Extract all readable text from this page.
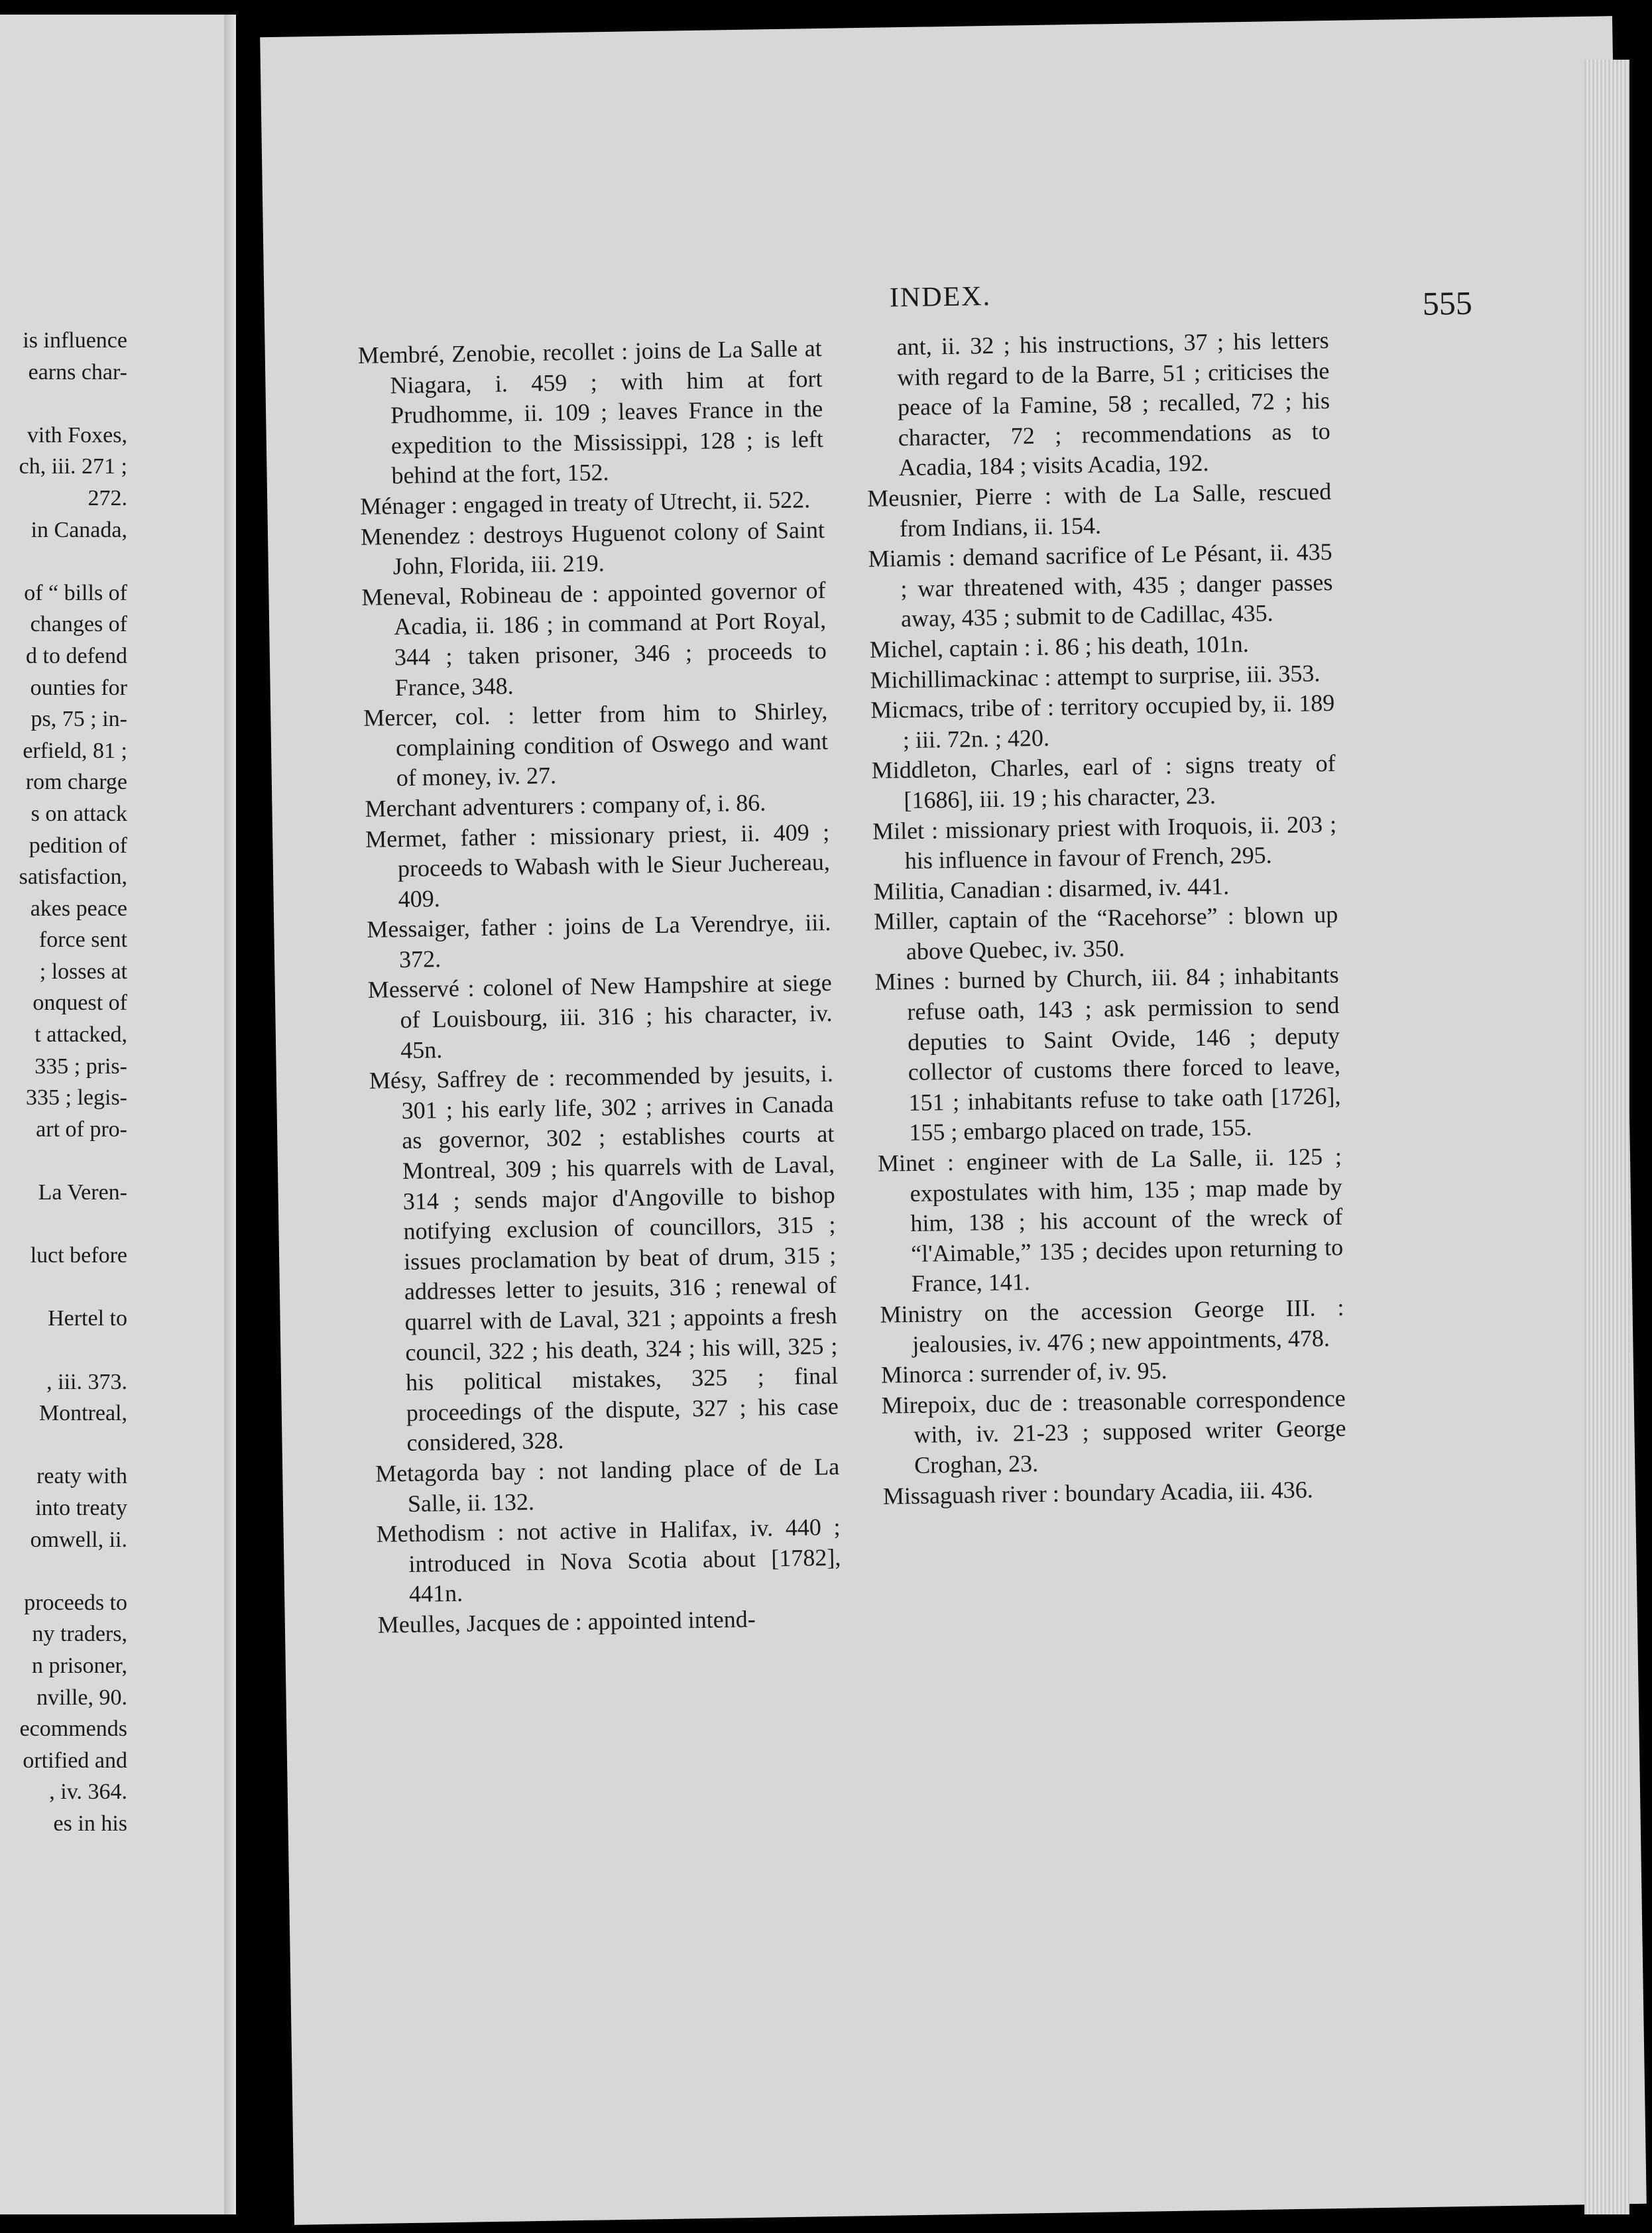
is influence
earns char-
vith Foxes,
ch, iii. 271 ;
272.
in Canada,
of “ bills of
changes of
d to defend
ounties for
ps, 75 ; in-
erfield, 81 ;
rom charge
s on attack
pedition of
satisfaction,
akes peace
force sent
; losses at
onquest of
t attacked,
335 ; pris-
335 ; legis-
art of pro-
La Veren-
luct before
Hertel to
, iii. 373.
Montreal,
reaty with
into treaty
omwell, ii.
proceeds to
ny traders,
n prisoner,
nville, 90.
ecommends
ortified and
, iv. 364.
es in his
INDEX.	555

Membré, Zenobie, recollet : joins de La Salle at Niagara, i. 459 ; with him at fort Prudhomme, ii. 109 ; leaves France in the expedition to the Mississippi, 128 ; is left behind at the fort, 152.

Ménager : engaged in treaty of Utrecht, ii. 522.

Menendez : destroys Huguenot colony of Saint John, Florida, iii. 219.

Meneval, Robineau de : appointed governor of Acadia, ii. 186 ; in command at Port Royal, 344 ; taken prisoner, 346 ; proceeds to France, 348.

Mercer, col. : letter from him to Shirley, complaining condition of Oswego and want of money, iv. 27.

Merchant adventurers : company of, i. 86.

Mermet, father : missionary priest, ii. 409 ; proceeds to Wabash with le Sieur Juchereau, 409.

Messaiger, father : joins de La Verendrye, iii. 372.

Messervé : colonel of New Hampshire at siege of Louisbourg, iii. 316 ; his character, iv. 45n.

Mésy, Saffrey de : recommended by jesuits, i. 301 ; his early life, 302 ; arrives in Canada as governor, 302 ; establishes courts at Montreal, 309 ; his quarrels with de Laval, 314 ; sends major d'Angoville to bishop notifying exclusion of councillors, 315 ; issues proclamation by beat of drum, 315 ; addresses letter to jesuits, 316 ; renewal of quarrel with de Laval, 321 ; appoints a fresh council, 322 ; his death, 324 ; his will, 325 ; his political mistakes, 325 ; final proceedings of the dispute, 327 ; his case considered, 328.

Metagorda bay : not landing place of de La Salle, ii. 132.

Methodism : not active in Halifax, iv. 440 ; introduced in Nova Scotia about [1782], 441n.

Meulles, Jacques de : appointed intend-

ant, ii. 32 ; his instructions, 37 ; his letters with regard to de la Barre, 51 ; criticises the peace of la Famine, 58 ; recalled, 72 ; his character, 72 ; recommendations as to Acadia, 184 ; visits Acadia, 192.

Meusnier, Pierre : with de La Salle, rescued from Indians, ii. 154.

Miamis : demand sacrifice of Le Pésant, ii. 435 ; war threatened with, 435 ; danger passes away, 435 ; submit to de Cadillac, 435.

Michel, captain : i. 86 ; his death, 101n.

Michillimackinac : attempt to surprise, iii. 353.

Micmacs, tribe of : territory occupied by, ii. 189 ; iii. 72n. ; 420.

Middleton, Charles, earl of : signs treaty of [1686], iii. 19 ; his character, 23.

Milet : missionary priest with Iroquois, ii. 203 ; his influence in favour of French, 295.

Militia, Canadian : disarmed, iv. 441.

Miller, captain of the “Racehorse” : blown up above Quebec, iv. 350.

Mines : burned by Church, iii. 84 ; inhabitants refuse oath, 143 ; ask permission to send deputies to Saint Ovide, 146 ; deputy collector of customs there forced to leave, 151 ; inhabitants refuse to take oath [1726], 155 ; embargo placed on trade, 155.

Minet : engineer with de La Salle, ii. 125 ; expostulates with him, 135 ; map made by him, 138 ; his account of the wreck of “l'Aimable,” 135 ; decides upon returning to France, 141.

Ministry on the accession George III. : jealousies, iv. 476 ; new appointments, 478.

Minorca : surrender of, iv. 95.

Mirepoix, duc de : treasonable correspondence with, iv. 21-23 ; supposed writer George Croghan, 23.

Missaguash river : boundary Acadia, iii. 436.
